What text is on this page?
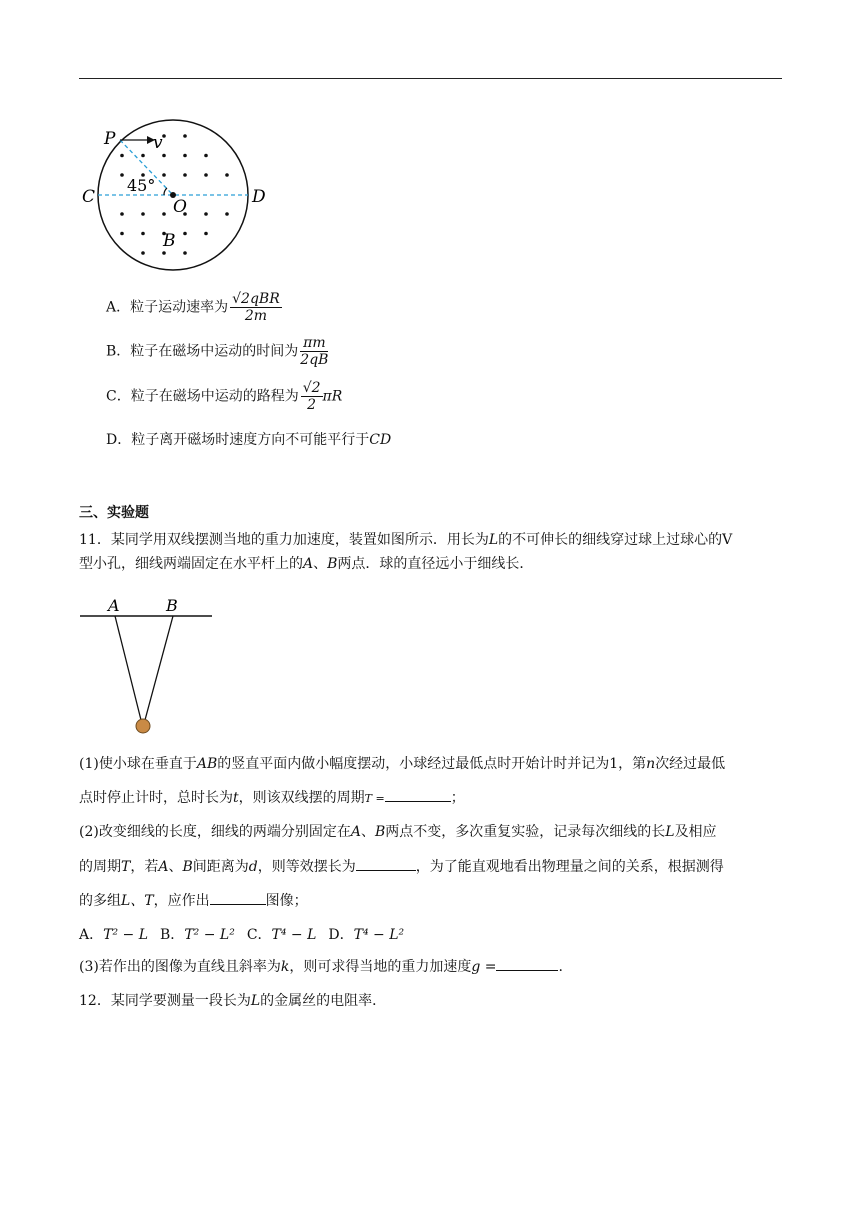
P v
C	D
O
B
45°
A．粒子运动速率为 $\frac{\text{√2qBR}}{2m}$
B．粒子在磁场中运动的时间为 $\frac{\pi m}{2qB}$
C．粒子在磁场中运动的路程为 $\frac{√2}{2}$ πR
D．粒子离开磁场时速度方向不可能平行于CD
三、实验题
11．某同学用双线摆测当地的重力加速度，装置如图所示．用长为L的不可伸长的细线穿过球上过球心的V
型小孔，细线两端固定在水平杆上的A、B两点．球的直径远小于细线长．
A	B
(1)使小球在垂直于AB的竖直平面内做小幅度摆动，小球经过最低点时开始计时并记为1，第n次经过最低
点时停止计时，总时长为t，则该双线摆的周期T =	；
(2)改变细线的长度，细线的两端分别固定在A、B两点不变，多次重复实验，记录每次细线的长L及相应
的周期T，若A、B间距离为d，则等效摆长为	，为了能直观地看出物理量之间的关系，根据测得
的多组L、T，应作出	图像；
A．T² − L B．T² − L² C．T⁴ − L D．T⁴ − L²
(3)若作出的图像为直线且斜率为k，则可求得当地的重力加速度g =	.
12．某同学要测量一段长为L的金属丝的电阻率．
